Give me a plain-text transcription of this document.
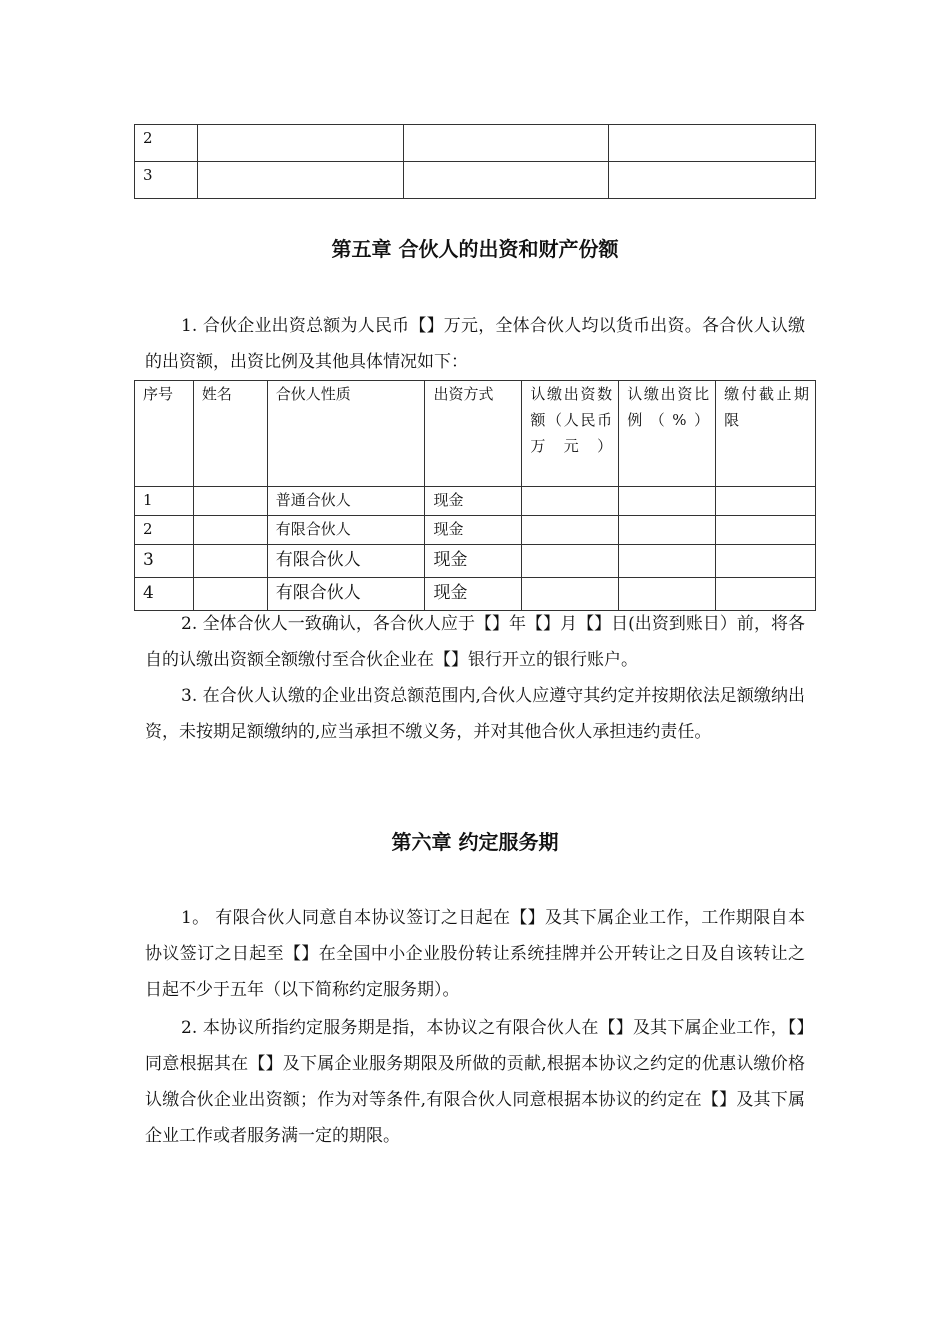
2			
3			
第五章 合伙人的出资和财产份额

1. 合伙企业出资总额为人民币【】万元，全体合伙人均以货币出资。各合伙人认缴的出资额，出资比例及其他具体情况如下：

序号	姓名	合伙人性质	出资方式	认缴出资数额（人民币万元）	认缴出资比例（%）	缴付截止期限
1		普通合伙人	现金			
2		有限合伙人	现金			
3		有限合伙人	现金			
4		有限合伙人	现金			

2. 全体合伙人一致确认，各合伙人应于【】年【】月【】日(出资到账日）前，将各自的认缴出资额全额缴付至合伙企业在【】银行开立的银行账户。

3. 在合伙人认缴的企业出资总额范围内,合伙人应遵守其约定并按期依法足额缴纳出资，未按期足额缴纳的,应当承担不缴义务，并对其他合伙人承担违约责任。

第六章 约定服务期

1。 有限合伙人同意自本协议签订之日起在【】及其下属企业工作，工作期限自本协议签订之日起至【】在全国中小企业股份转让系统挂牌并公开转让之日及自该转让之日起不少于五年（以下简称约定服务期）。

2. 本协议所指约定服务期是指，本协议之有限合伙人在【】及其下属企业工作，【】同意根据其在【】及下属企业服务期限及所做的贡献,根据本协议之约定的优惠认缴价格认缴合伙企业出资额；作为对等条件,有限合伙人同意根据本协议的约定在【】及其下属企业工作或者服务满一定的期限。
